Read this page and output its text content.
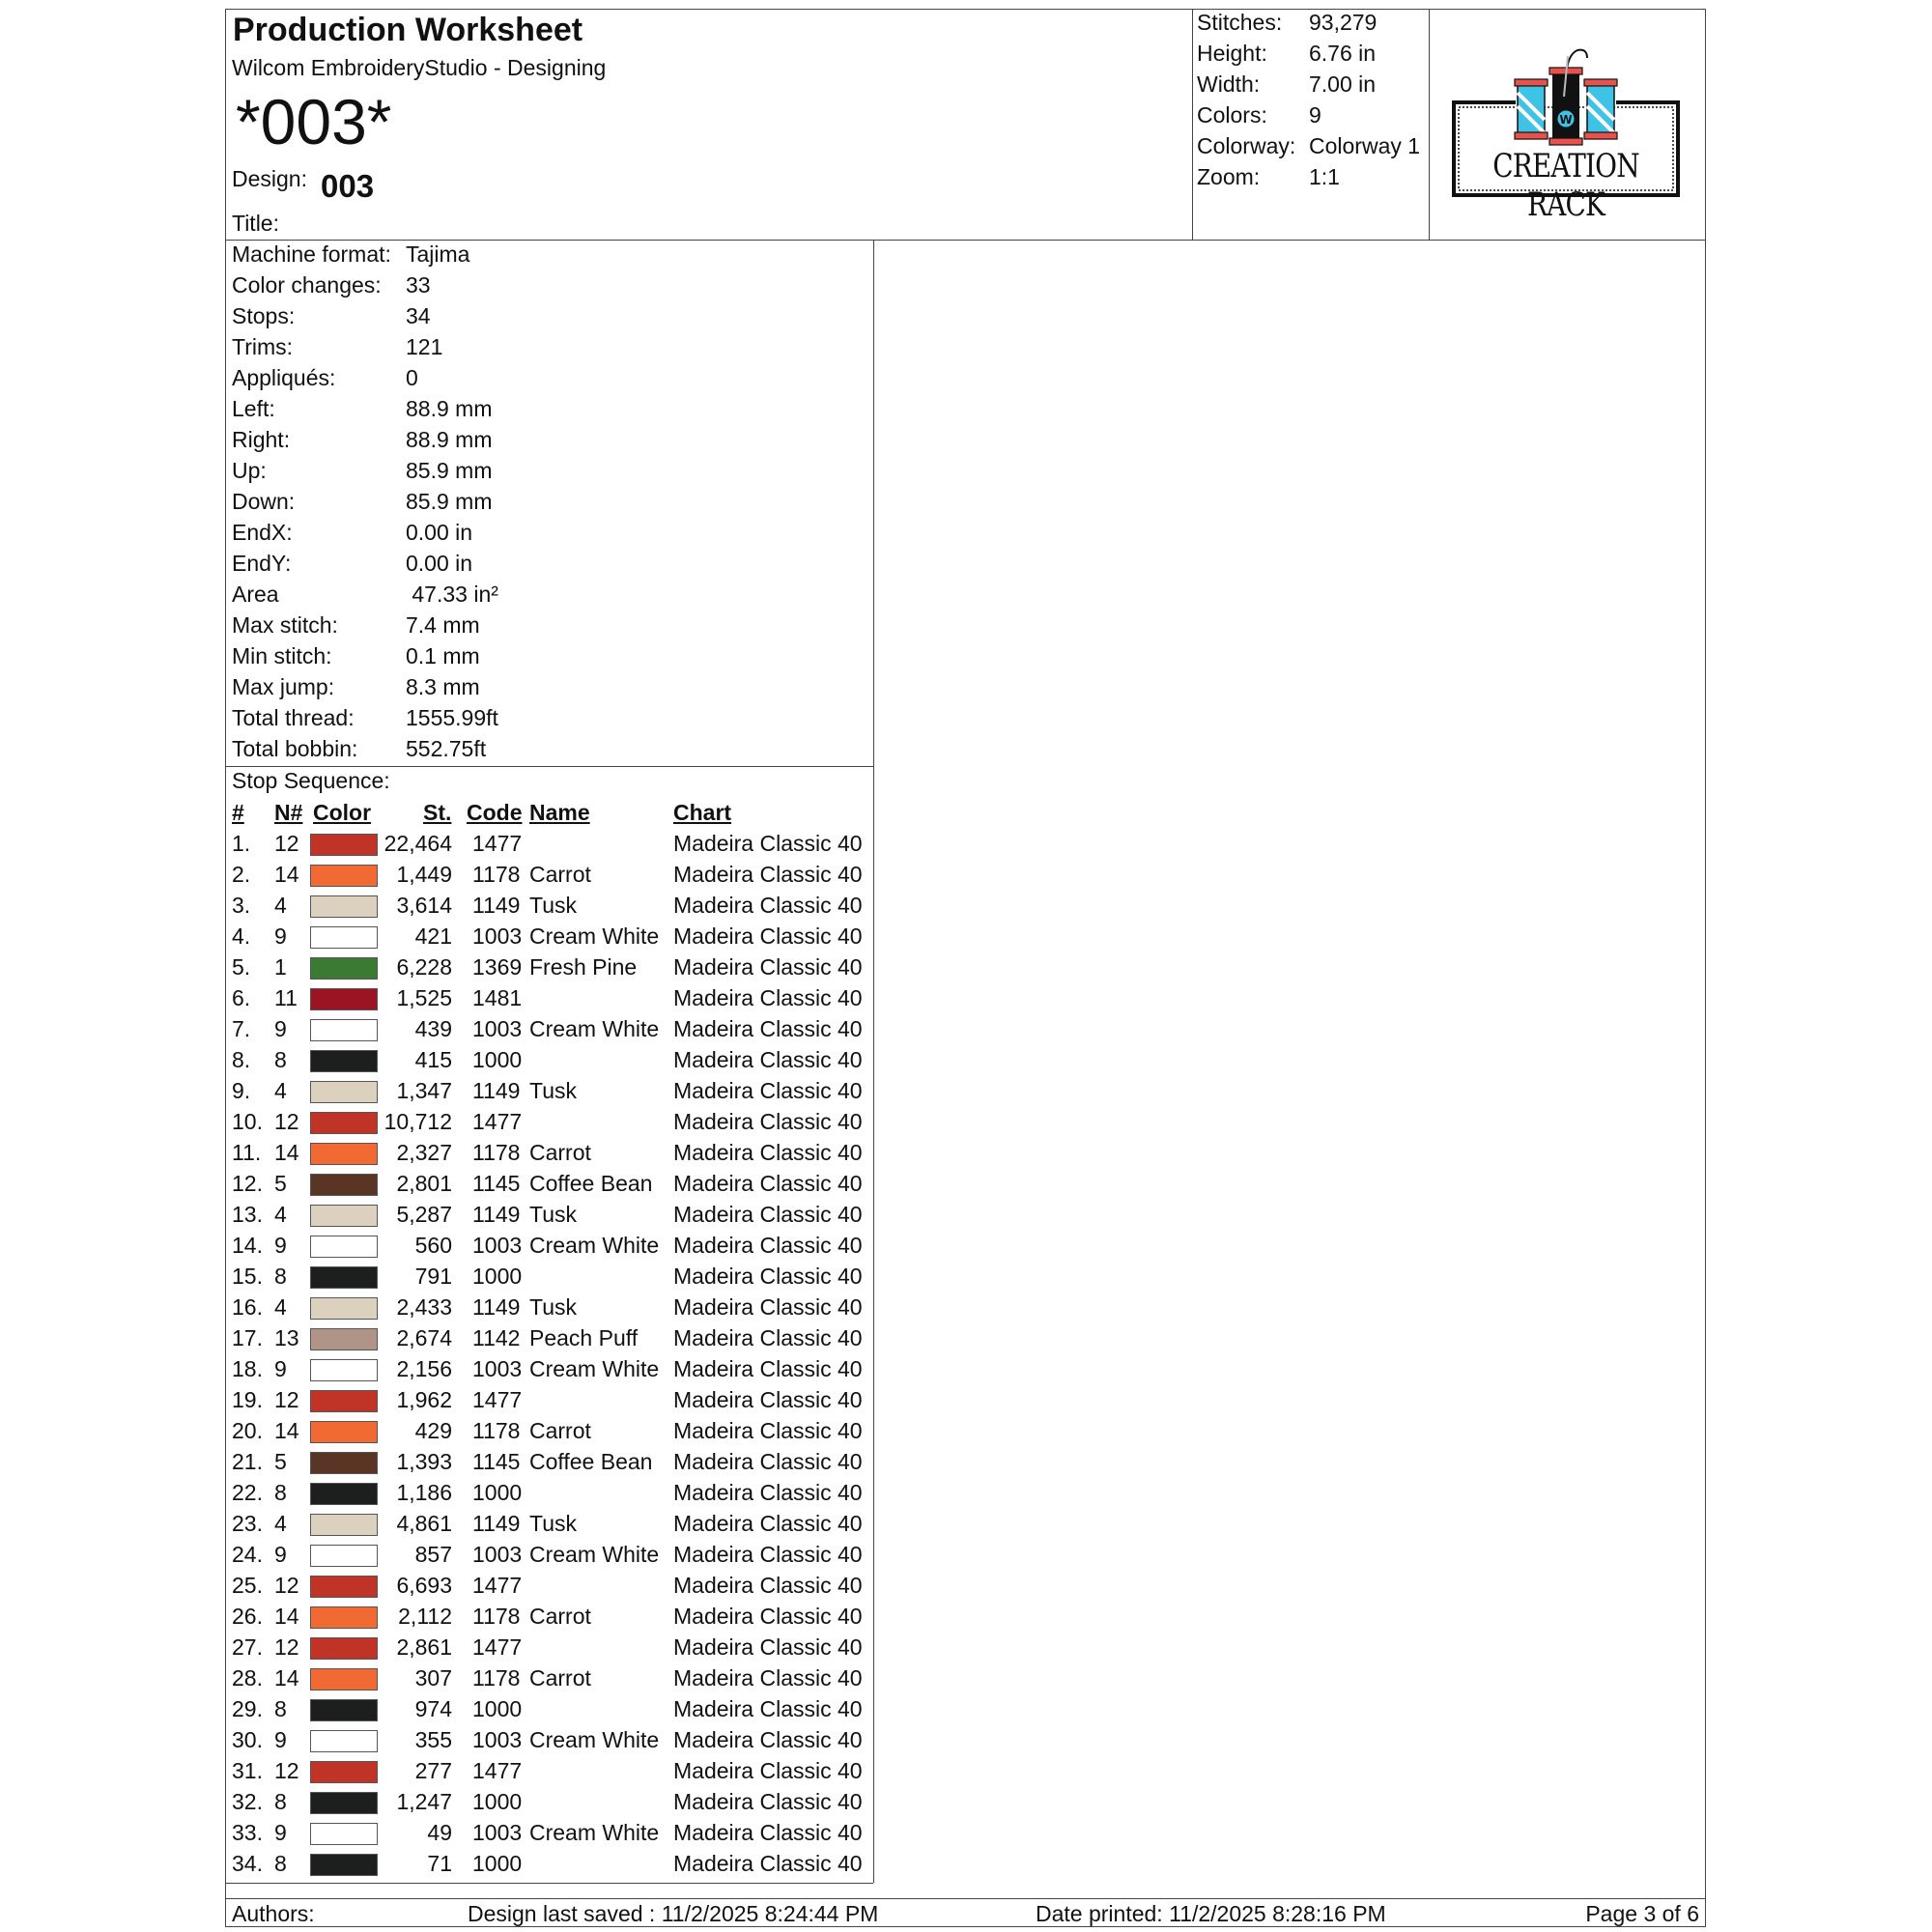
Production Worksheet
Wilcom EmbroideryStudio - Designing
*003*
Design: 003
Title:
Stitches: 93,279
Height: 6.76 in
Width: 7.00 in
Colors: 9
Colorway: Colorway 1
Zoom: 1:1
W
CREATION RACK
Machine format: Tajima
Color changes: 33
Stops:	34
Trims:	121
Appliqués:	0
Left:	88.9 mm
Right:	88.9 mm
Up:	85.9 mm
Down:	85.9 mm
EndX:	0.00 in
EndY:	0.00 in
Area	47.33 in²
Max stitch:	7.4 mm
Min stitch:	0.1 mm
Max jump:	8.3 mm
Total thread: 1555.99ft
Total bobbin: 552.75ft
Stop Sequence:
# N# Color St. Code Name	Chart
1. 12	22,464 1477	Madeira Classic 40
2. 14	1,449 1178 Carrot	Madeira Classic 40
3. 4	3,614 1149 Tusk	Madeira Classic 40
4. 9	421 1003 Cream White Madeira Classic 40
5. 1	6,228 1369 Fresh Pine Madeira Classic 40
6. 11	1,525 1481	Madeira Classic 40
7. 9	439 1003 Cream White Madeira Classic 40
8. 8	415 1000	Madeira Classic 40
9. 4	1,347 1149 Tusk	Madeira Classic 40
10. 12	10,712 1477	Madeira Classic 40
11. 14	2,327 1178 Carrot	Madeira Classic 40
12. 5	2,801 1145 Coffee Bean Madeira Classic 40
13. 4	5,287 1149 Tusk	Madeira Classic 40
14. 9	560 1003 Cream White Madeira Classic 40
15. 8	791 1000	Madeira Classic 40
16. 4	2,433 1149 Tusk	Madeira Classic 40
17. 13	2,674 1142 Peach Puff Madeira Classic 40
18. 9	2,156 1003 Cream White Madeira Classic 40
19. 12	1,962 1477	Madeira Classic 40
20. 14	429 1178 Carrot	Madeira Classic 40
21. 5	1,393 1145 Coffee Bean Madeira Classic 40
22. 8	1,186 1000	Madeira Classic 40
23. 4	4,861 1149 Tusk	Madeira Classic 40
24. 9	857 1003 Cream White Madeira Classic 40
25. 12	6,693 1477	Madeira Classic 40
26. 14	2,112 1178 Carrot	Madeira Classic 40
27. 12	2,861 1477	Madeira Classic 40
28. 14	307 1178 Carrot	Madeira Classic 40
29. 8	974 1000	Madeira Classic 40
30. 9	355 1003 Cream White Madeira Classic 40
31. 12	277 1477	Madeira Classic 40
32. 8	1,247 1000	Madeira Classic 40
33. 9	49 1003 Cream White Madeira Classic 40
34. 8	71 1000	Madeira Classic 40
Authors:	Design last saved : 11/2/2025 8:24:44 PM	Date printed: 11/2/2025 8:28:16 PM	Page 3 of 6
